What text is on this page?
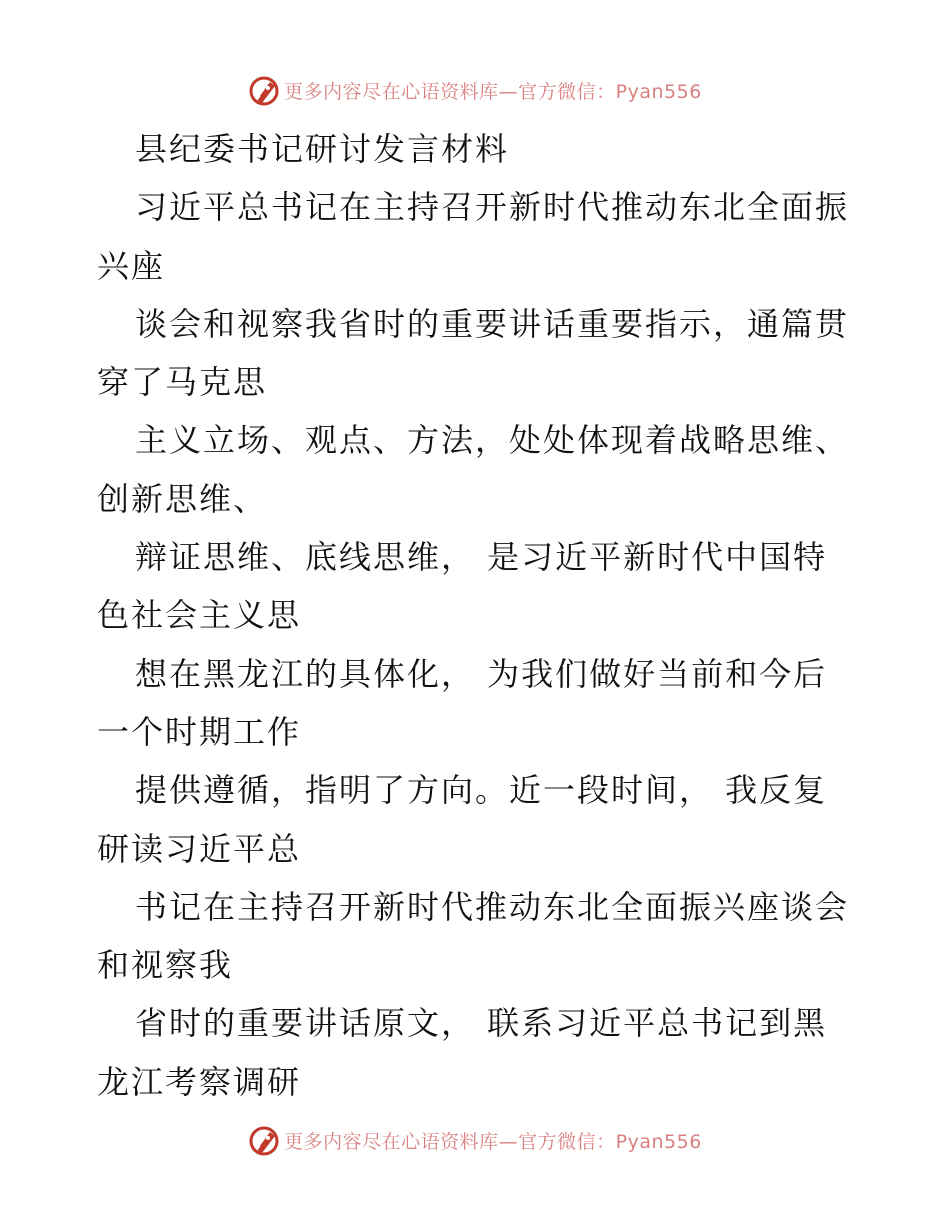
更多内容尽在心语资料库—官方微信：Pyan556
县纪委书记研讨发言材料
习近平总书记在主持召开新时代推动东北全面振
兴座
谈会和视察我省时的重要讲话重要指示，通篇贯
穿了马克思
主义立场、观点、方法，处处体现着战略思维、
创新思维、
辩证思维、底线思维， 是习近平新时代中国特
色社会主义思
想在黑龙江的具体化， 为我们做好当前和今后
一个时期工作
提供遵循，指明了方向。近一段时间， 我反复
研读习近平总
书记在主持召开新时代推动东北全面振兴座谈会
和视察我
省时的重要讲话原文， 联系习近平总书记到黑
龙江考察调研
更多内容尽在心语资料库—官方微信：Pyan556
